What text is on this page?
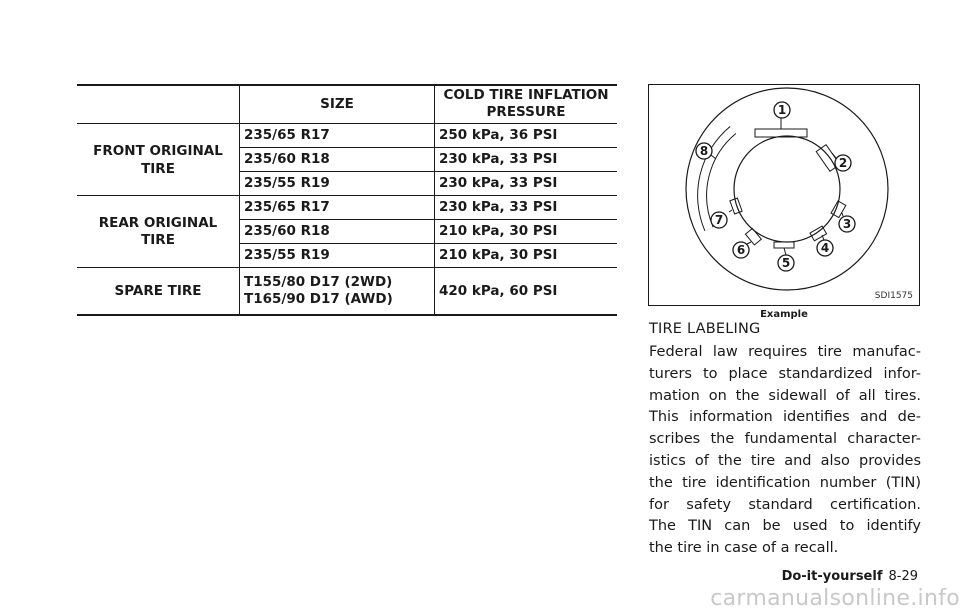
	SIZE	COLD TIRE INFLATION
PRESSURE
FRONT ORIGINAL
TIRE	235/65 R17	250 kPa, 36 PSI
	235/60 R18	230 kPa, 33 PSI
	235/55 R19	230 kPa, 33 PSI
REAR ORIGINAL TIRE	235/65 R17	230 kPa, 33 PSI
	235/60 R18	210 kPa, 30 PSI
	235/55 R19	210 kPa, 30 PSI
SPARE TIRE	T155/80 D17 (2WD)
T165/90 D17 (AWD)	420 kPa, 60 PSI
1
2
3
4
5
6
7
8
SDI1575
Example
TIRE LABELING

Federal law requires tire manufac-
turers to place standardized infor-
mation on the sidewall of all tires.
This information identifies and de-
scribes the fundamental character-
istics of the tire and also provides
the tire identification number (TIN)
for safety standard certification.
The TIN can be used to identify
the tire in case of a recall.

Do-it-yourself 8-29
carmanualsonline.info
